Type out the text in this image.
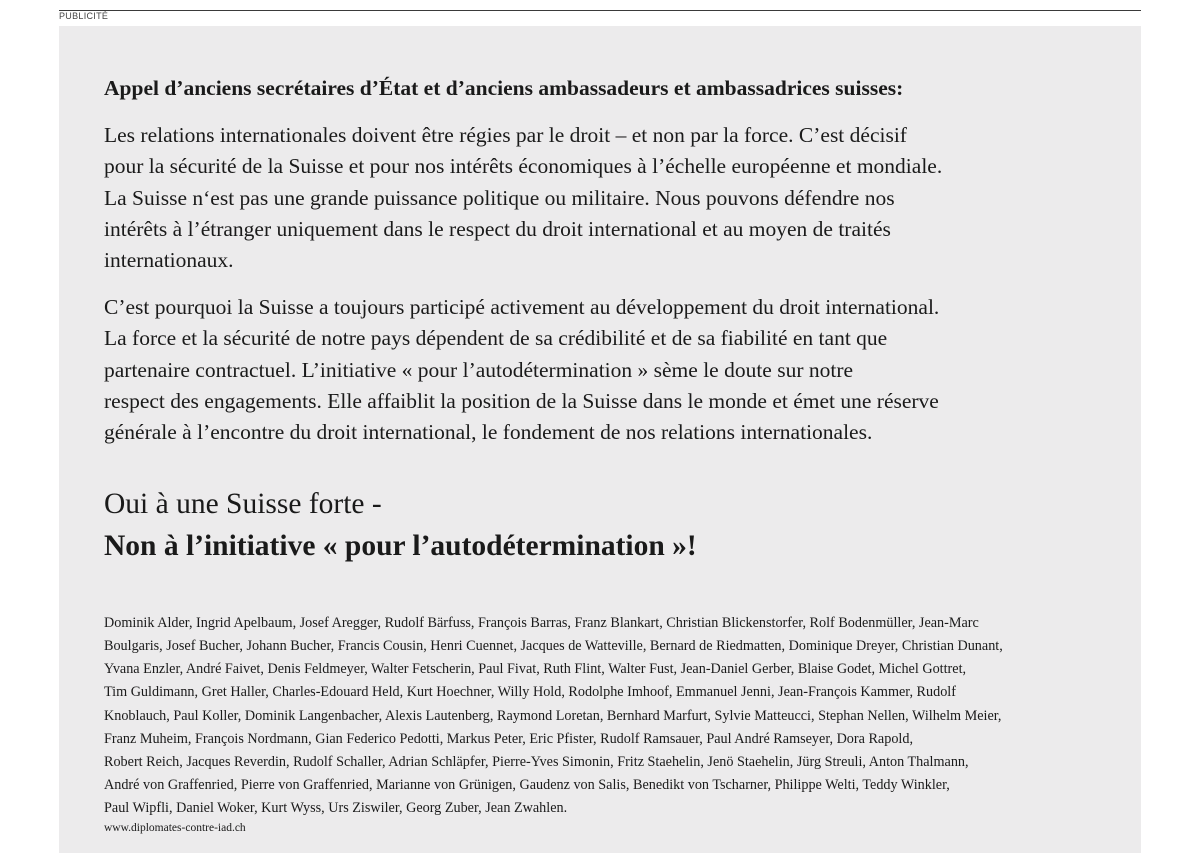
PUBLICITÉ
Appel d’anciens secrétaires d’État et d’anciens ambassadeurs et ambassadrices suisses:

Les relations internationales doivent être régies par le droit – et non par la force. C’est décisif
pour la sécurité de la Suisse et pour nos intérêts économiques à l’échelle européenne et mondiale.
La Suisse n‘est pas une grande puissance politique ou militaire. Nous pouvons défendre nos
intérêts à l’étranger uniquement dans le respect du droit international et au moyen de traités
internationaux.

C’est pourquoi la Suisse a toujours participé activement au développement du droit international.
La force et la sécurité de notre pays dépendent de sa crédibilité et de sa fiabilité en tant que
partenaire contractuel. L’initiative « pour l’autodétermination » sème le doute sur notre
respect des engagements. Elle affaiblit la position de la Suisse dans le monde et émet une réserve
générale à l’encontre du droit international, le fondement de nos relations internationales.

Oui à une Suisse forte -
Non à l’initiative « pour l’autodétermination »!

Dominik Alder, Ingrid Apelbaum, Josef Aregger, Rudolf Bärfuss, François Barras, Franz Blankart, Christian Blickenstorfer, Rolf Bodenmüller, Jean-Marc
Boulgaris, Josef Bucher, Johann Bucher, Francis Cousin, Henri Cuennet, Jacques de Watteville, Bernard de Riedmatten, Dominique Dreyer, Christian Dunant,
Yvana Enzler, André Faivet, Denis Feldmeyer, Walter Fetscherin, Paul Fivat, Ruth Flint, Walter Fust, Jean-Daniel Gerber, Blaise Godet, Michel Gottret,
Tim Guldimann, Gret Haller, Charles-Edouard Held, Kurt Hoechner, Willy Hold, Rodolphe Imhoof, Emmanuel Jenni, Jean-François Kammer, Rudolf
Knoblauch, Paul Koller, Dominik Langenbacher, Alexis Lautenberg, Raymond Loretan, Bernhard Marfurt, Sylvie Matteucci, Stephan Nellen, Wilhelm Meier,
Franz Muheim, François Nordmann, Gian Federico Pedotti, Markus Peter, Eric Pfister, Rudolf Ramsauer, Paul André Ramseyer, Dora Rapold,
Robert Reich, Jacques Reverdin, Rudolf Schaller, Adrian Schläpfer, Pierre-Yves Simonin, Fritz Staehelin, Jenö Staehelin, Jürg Streuli, Anton Thalmann,
André von Graffenried, Pierre von Graffenried, Marianne von Grünigen, Gaudenz von Salis, Benedikt von Tscharner, Philippe Welti, Teddy Winkler,
Paul Wipfli, Daniel Woker, Kurt Wyss, Urs Ziswiler, Georg Zuber, Jean Zwahlen.

www.diplomates-contre-iad.ch
